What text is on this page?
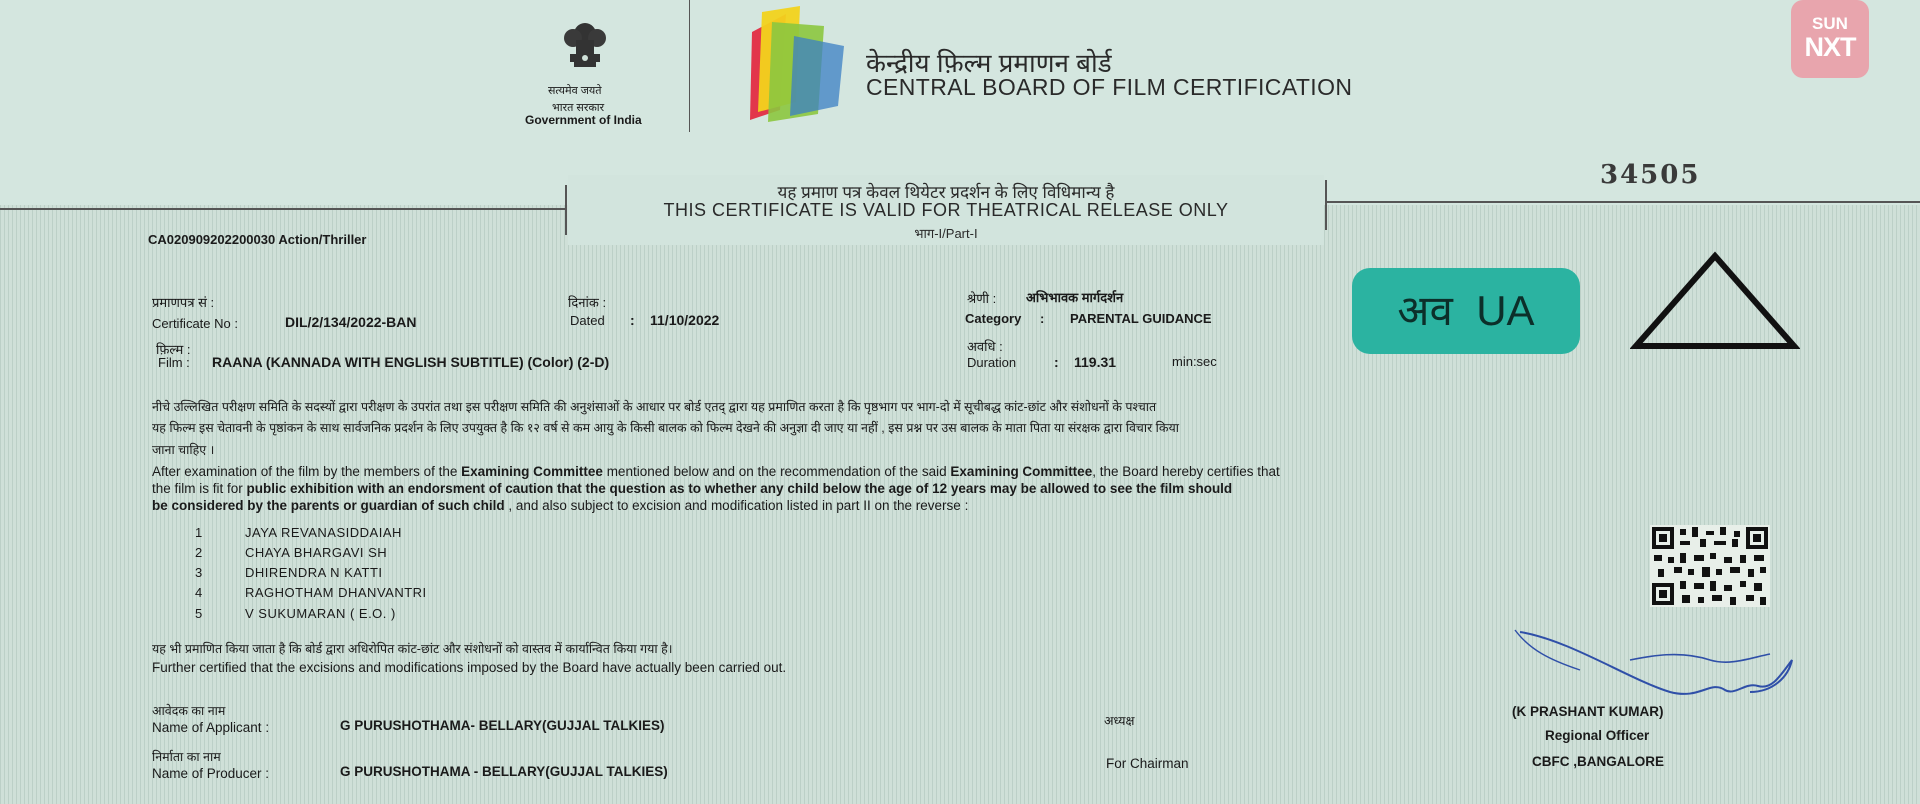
सत्यमेव जयते
भारत सरकार
Government of India
केन्द्रीय फ़िल्म प्रमाणन बोर्ड
CENTRAL BOARD OF FILM CERTIFICATION
SUN
NXT
34505
यह प्रमाण पत्र केवल थियेटर प्रदर्शन के लिए विधिमान्य है
THIS CERTIFICATE IS VALID FOR THEATRICAL RELEASE ONLY
भाग-I/Part-I
CA020909202200030 Action/Thriller
प्रमाणपत्र सं :
Certificate No :	DIL/2/134/2022-BAN
दिनांक :
Dated : 11/10/2022
श्रेणी : अभिभावक मार्गदर्शन
Category : PARENTAL GUIDANCE
फ़िल्म :
Film : RAANA (KANNADA WITH ENGLISH SUBTITLE) (Color) (2-D)
अवधि :
Duration	: 119.31	min:sec
अव UA
नीचे उल्लिखित परीक्षण समिति के सदस्यों द्वारा परीक्षण के उपरांत तथा इस परीक्षण समिति की अनुशंसाओं के आधार पर बोर्ड एतद् द्वारा यह प्रमाणित करता है कि पृष्ठभाग पर भाग-दो में सूचीबद्ध कांट-छांट और संशोधनों के पश्चात
यह फिल्म इस चेतावनी के पृष्ठांकन के साथ सार्वजनिक प्रदर्शन के लिए उपयुक्त है कि १२ वर्ष से कम आयु के किसी बालक को फिल्म देखने की अनुज्ञा दी जाए या नहीं , इस प्रश्न पर उस बालक के माता पिता या संरक्षक द्वारा विचार किया
जाना चाहिए ।
After examination of the film by the members of the Examining Committee mentioned below and on the recommendation of the said Examining Committee, the Board hereby certifies that
the film is fit for public exhibition with an endorsment of caution that the question as to whether any child below the age of 12 years may be allowed to see the film should
be considered by the parents or guardian of such child , and also subject to excision and modification listed in part II on the reverse :
1	JAYA REVANASIDDAIAH
2	CHAYA BHARGAVI SH
3	DHIRENDRA N KATTI
4	RAGHOTHAM DHANVANTRI
5	V SUKUMARAN ( E.O. )
यह भी प्रमाणित किया जाता है कि बोर्ड द्वारा अधिरोपित कांट-छांट और संशोधनों को वास्तव में कार्यान्वित किया गया है।
Further certified that the excisions and modifications imposed by the Board have actually been carried out.
आवेदक का नाम
Name of Applicant :	G PURUSHOTHAMA- BELLARY(GUJJAL TALKIES)
निर्माता का नाम
Name of Producer :	G PURUSHOTHAMA - BELLARY(GUJJAL TALKIES)
अध्यक्ष
For Chairman
(K PRASHANT KUMAR)
Regional Officer
CBFC ,BANGALORE
